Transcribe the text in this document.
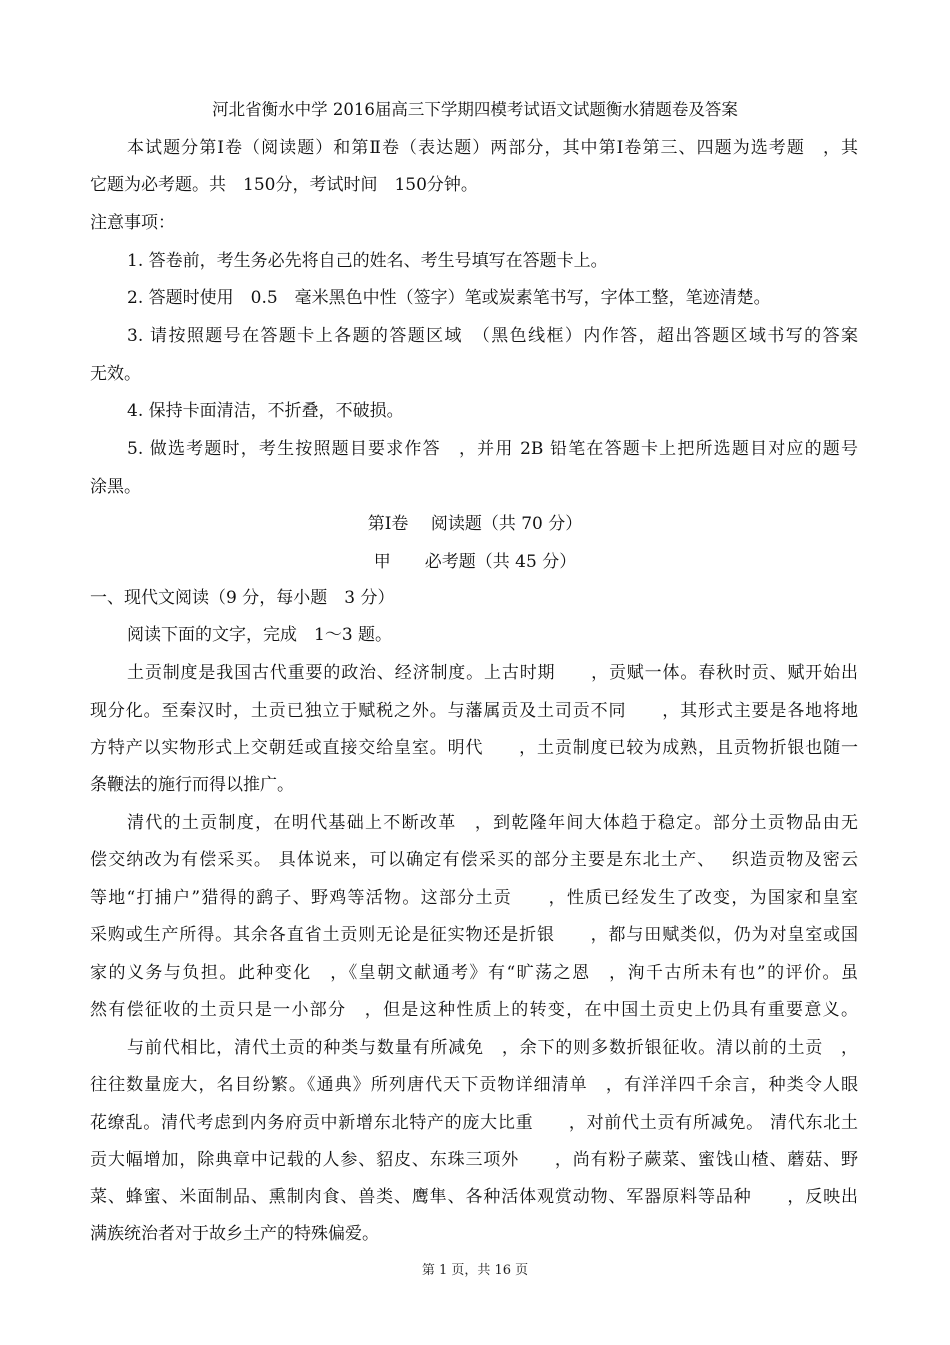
河北省衡水中学 2016届高三下学期四模考试语文试题衡水猜题卷及答案
本试题分第Ⅰ卷（阅读题）和第Ⅱ卷（表达题）两部分，其中第Ⅰ卷第三、四题为选考题　，其
它题为必考题。共　150分，考试时间　150分钟。
注意事项：
1. 答卷前，考生务必先将自己的姓名、考生号填写在答题卡上。
2. 答题时使用　0.5　毫米黑色中性（签字）笔或炭素笔书写，字体工整，笔迹清楚。
3. 请按照题号在答题卡上各题的答题区域　（黑色线框）内作答，超出答题区域书写的答案
无效。
4. 保持卡面清洁，不折叠，不破损。
5. 做选考题时，考生按照题目要求作答　，并用 2B 铅笔在答题卡上把所选题目对应的题号
涂黑。
第Ⅰ卷　 阅读题（共 70 分）
甲　　必考题（共 45 分）
一、现代文阅读（9 分，每小题　3 分）
阅读下面的文字，完成　1～3 题。
土贡制度是我国古代重要的政治、经济制度。上古时期　　，贡赋一体。春秋时贡、赋开始出
现分化。至秦汉时，土贡已独立于赋税之外。与藩属贡及土司贡不同　　，其形式主要是各地将地
方特产以实物形式上交朝廷或直接交给皇室。明代　　，土贡制度已较为成熟，且贡物折银也随一
条鞭法的施行而得以推广。
清代的土贡制度，在明代基础上不断改革　，到乾隆年间大体趋于稳定。部分土贡物品由无
偿交纳改为有偿采买。 具体说来，可以确定有偿采买的部分主要是东北土产、　 织造贡物及密云
等地“打捕户”猎得的鹞子、野鸡等活物。这部分土贡　　，性质已经发生了改变，为国家和皇室
采购或生产所得。其余各直省土贡则无论是征实物还是折银　　，都与田赋类似，仍为对皇室或国
家的义务与负担。此种变化　，《皇朝文献通考》有“旷荡之恩　，洵千古所未有也”的评价。虽
然有偿征收的土贡只是一小部分　，但是这种性质上的转变，在中国土贡史上仍具有重要意义。
与前代相比，清代土贡的种类与数量有所减免　，余下的则多数折银征收。清以前的土贡　，
往往数量庞大，名目纷繁。《通典》所列唐代天下贡物详细清单　，有洋洋四千余言，种类令人眼
花缭乱。清代考虑到内务府贡中新增东北特产的庞大比重　　，对前代土贡有所减免。 清代东北土
贡大幅增加，除典章中记载的人参、貂皮、东珠三项外　　，尚有粉子蕨菜、蜜饯山楂、蘑菇、野
菜、蜂蜜、米面制品、熏制肉食、兽类、鹰隼、各种活体观赏动物、军器原料等品种　　，反映出
满族统治者对于故乡土产的特殊偏爱。
第 1 页，共 16 页
